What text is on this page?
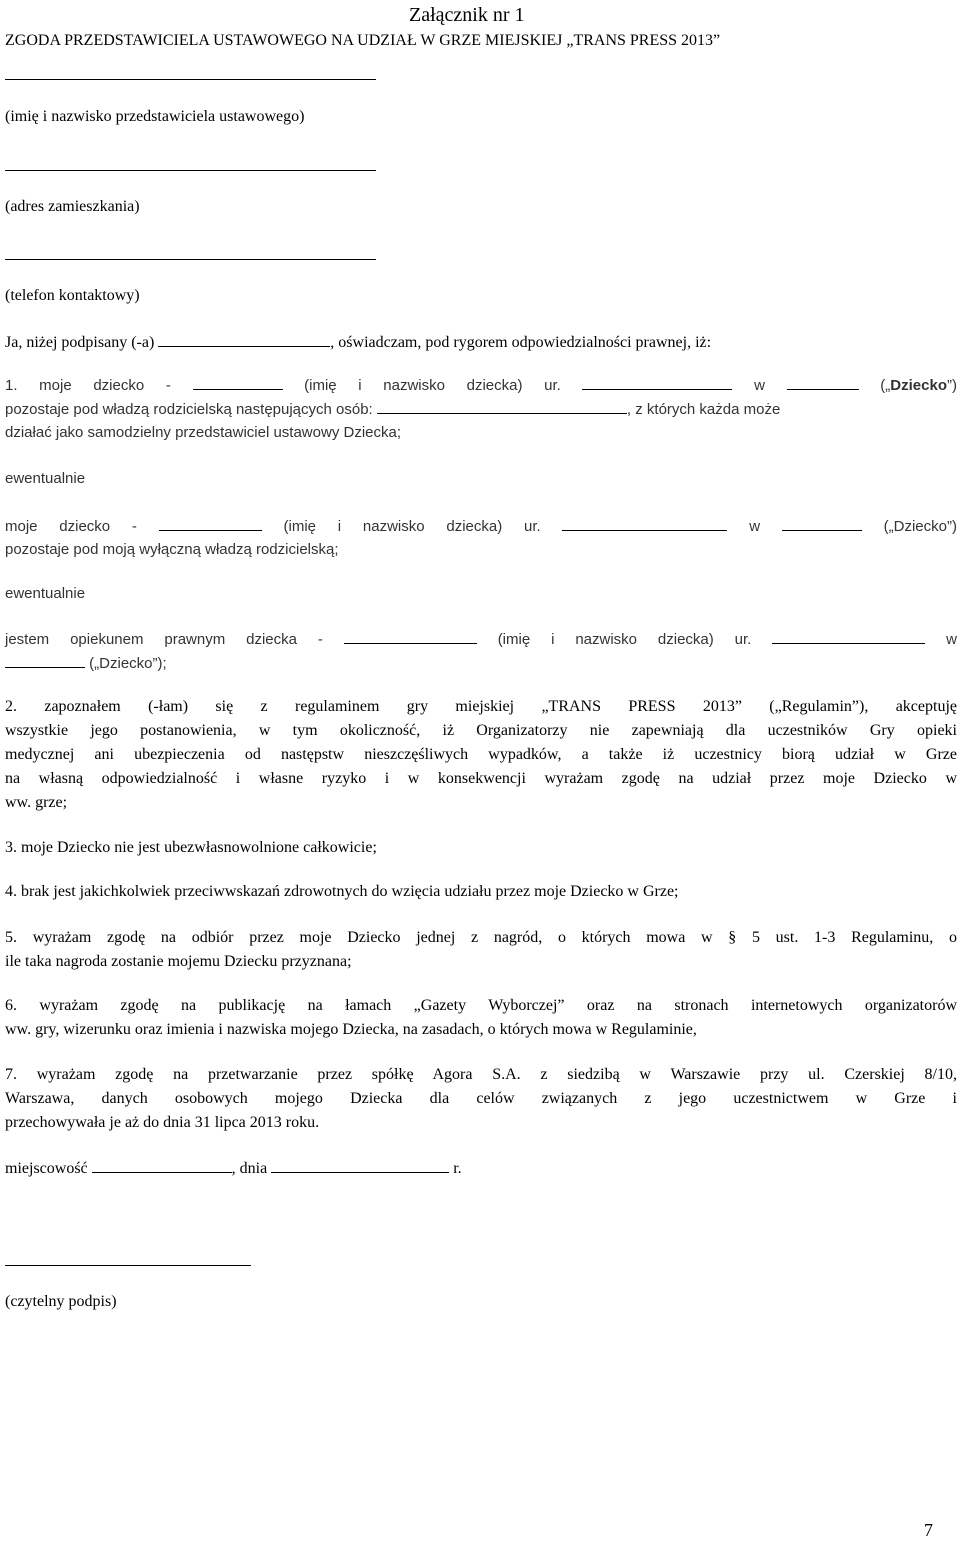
Załącznik nr 1
ZGODA PRZEDSTAWICIELA USTAWOWEGO NA UDZIAŁ W GRZE MIEJSKIEJ „TRANS PRESS 2013”
(imię i nazwisko przedstawiciela ustawowego)
(adres zamieszkania)
(telefon kontaktowy)
Ja, niżej podpisany (-a)	, oświadczam, pod rygorem odpowiedzialności prawnej, iż:
1. moje dziecko -	(imię i nazwisko dziecka) ur.	w	(„Dziecko”)
pozostaje pod władzą rodzicielską następujących osób:	, z których każda może
działać jako samodzielny przedstawiciel ustawowy Dziecka;
ewentualnie
moje dziecko -	(imię i nazwisko dziecka) ur.	w	(„Dziecko”)
pozostaje pod moją wyłączną władzą rodzicielską;
ewentualnie
jestem opiekunem prawnym dziecka -	(imię i nazwisko dziecka) ur.	w
(„Dziecko”);
2. zapoznałem (-łam) się z regulaminem gry miejskiej „TRANS PRESS 2013” („Regulamin”), akceptuję
wszystkie jego postanowienia, w tym okoliczność, iż Organizatorzy nie zapewniają dla uczestników Gry opieki
medycznej ani ubezpieczenia od następstw nieszczęśliwych wypadków, a także iż uczestnicy biorą udział w Grze
na własną odpowiedzialność i własne ryzyko i w konsekwencji wyrażam zgodę na udział przez moje Dziecko w
ww. grze;
3. moje Dziecko nie jest ubezwłasnowolnione całkowicie;
4. brak jest jakichkolwiek przeciwwskazań zdrowotnych do wzięcia udziału przez moje Dziecko w Grze;
5. wyrażam zgodę na odbiór przez moje Dziecko jednej z nagród, o których mowa w § 5 ust. 1-3 Regulaminu, o
ile taka nagroda zostanie mojemu Dziecku przyznana;
6. wyrażam zgodę na publikację na łamach „Gazety Wyborczej” oraz na stronach internetowych organizatorów
ww. gry, wizerunku oraz imienia i nazwiska mojego Dziecka, na zasadach, o których mowa w Regulaminie,
7. wyrażam zgodę na przetwarzanie przez spółkę Agora S.A. z siedzibą w Warszawie przy ul. Czerskiej 8/10,
Warszawa, danych osobowych mojego Dziecka dla celów związanych z jego uczestnictwem w Grze i
przechowywała je aż do dnia 31 lipca 2013 roku.
miejscowość	, dnia	r.
(czytelny podpis)
7
